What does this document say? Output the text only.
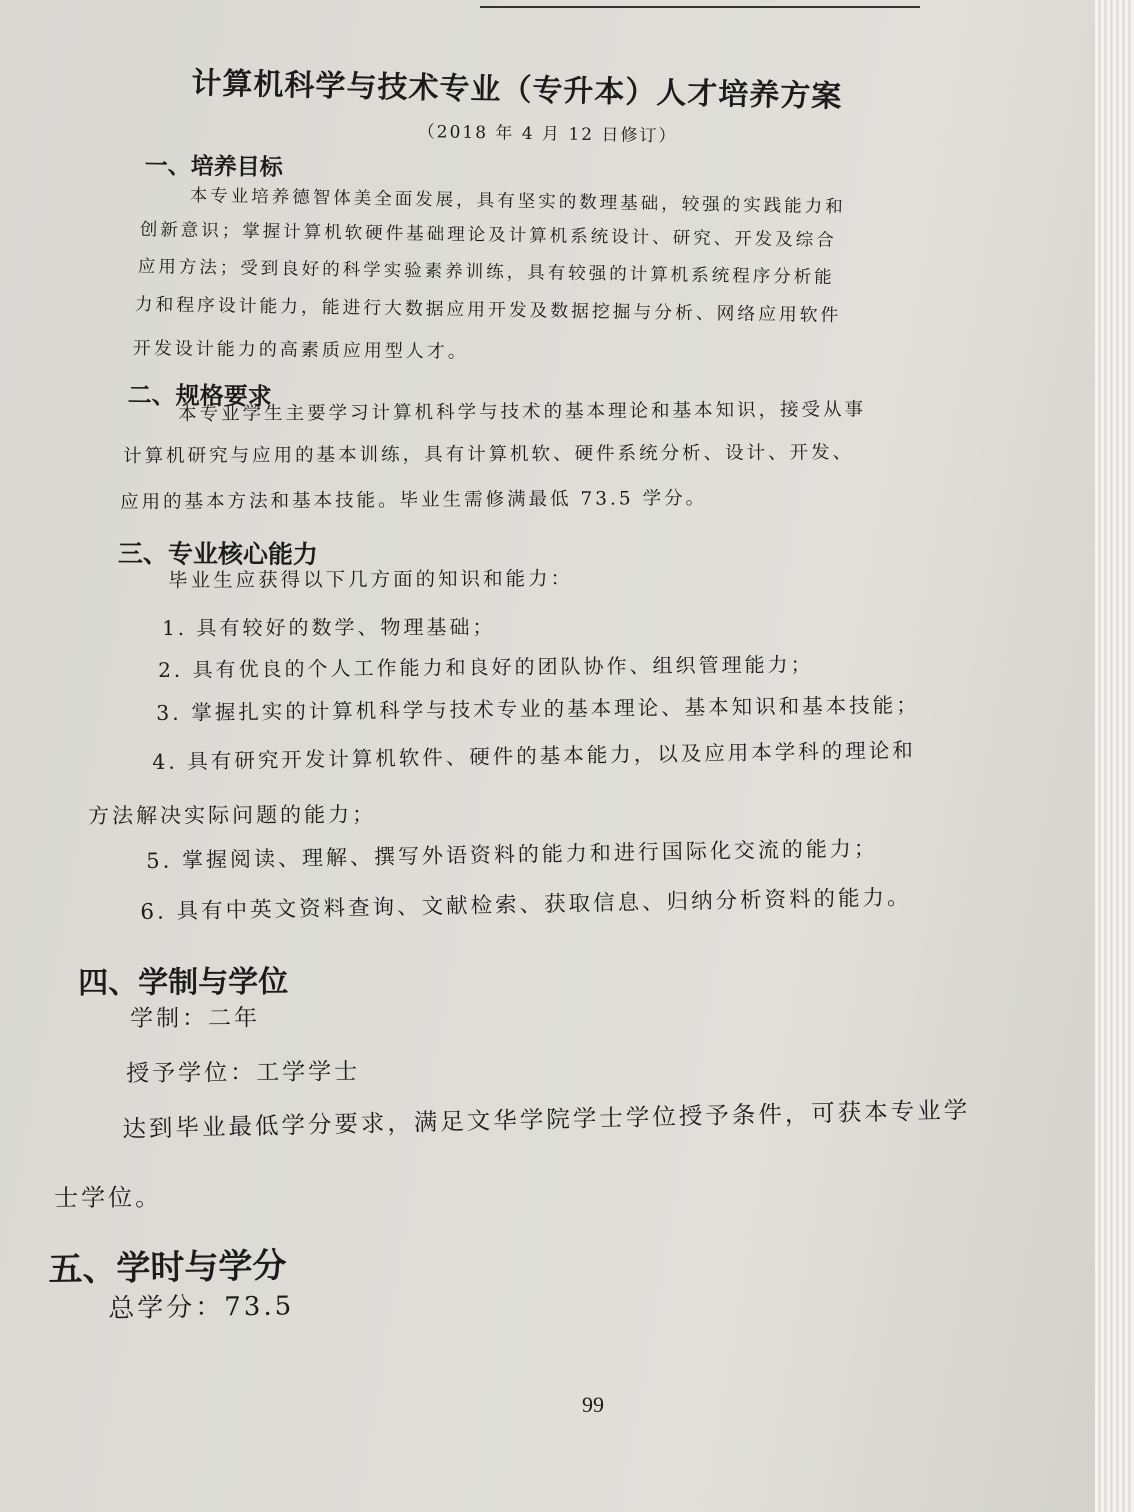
计算机科学与技术专业（专升本）人才培养方案
（2018 年 4 月 12 日修订）
一、培养目标
本专业培养德智体美全面发展，具有坚实的数理基础，较强的实践能力和
创新意识；掌握计算机软硬件基础理论及计算机系统设计、研究、开发及综合
应用方法；受到良好的科学实验素养训练，具有较强的计算机系统程序分析能
力和程序设计能力，能进行大数据应用开发及数据挖掘与分析、网络应用软件
开发设计能力的高素质应用型人才。
二、规格要求
本专业学生主要学习计算机科学与技术的基本理论和基本知识，接受从事
计算机研究与应用的基本训练，具有计算机软、硬件系统分析、设计、开发、
应用的基本方法和基本技能。毕业生需修满最低 73.5 学分。
三、专业核心能力
毕业生应获得以下几方面的知识和能力：
1. 具有较好的数学、物理基础；
2. 具有优良的个人工作能力和良好的团队协作、组织管理能力；
3. 掌握扎实的计算机科学与技术专业的基本理论、基本知识和基本技能；
4. 具有研究开发计算机软件、硬件的基本能力，以及应用本学科的理论和
方法解决实际问题的能力；
5. 掌握阅读、理解、撰写外语资料的能力和进行国际化交流的能力；
6. 具有中英文资料查询、文献检索、获取信息、归纳分析资料的能力。
四、学制与学位
学制：二年
授予学位：工学学士
达到毕业最低学分要求，满足文华学院学士学位授予条件，可获本专业学
士学位。
五、学时与学分
总学分：73.5
99
